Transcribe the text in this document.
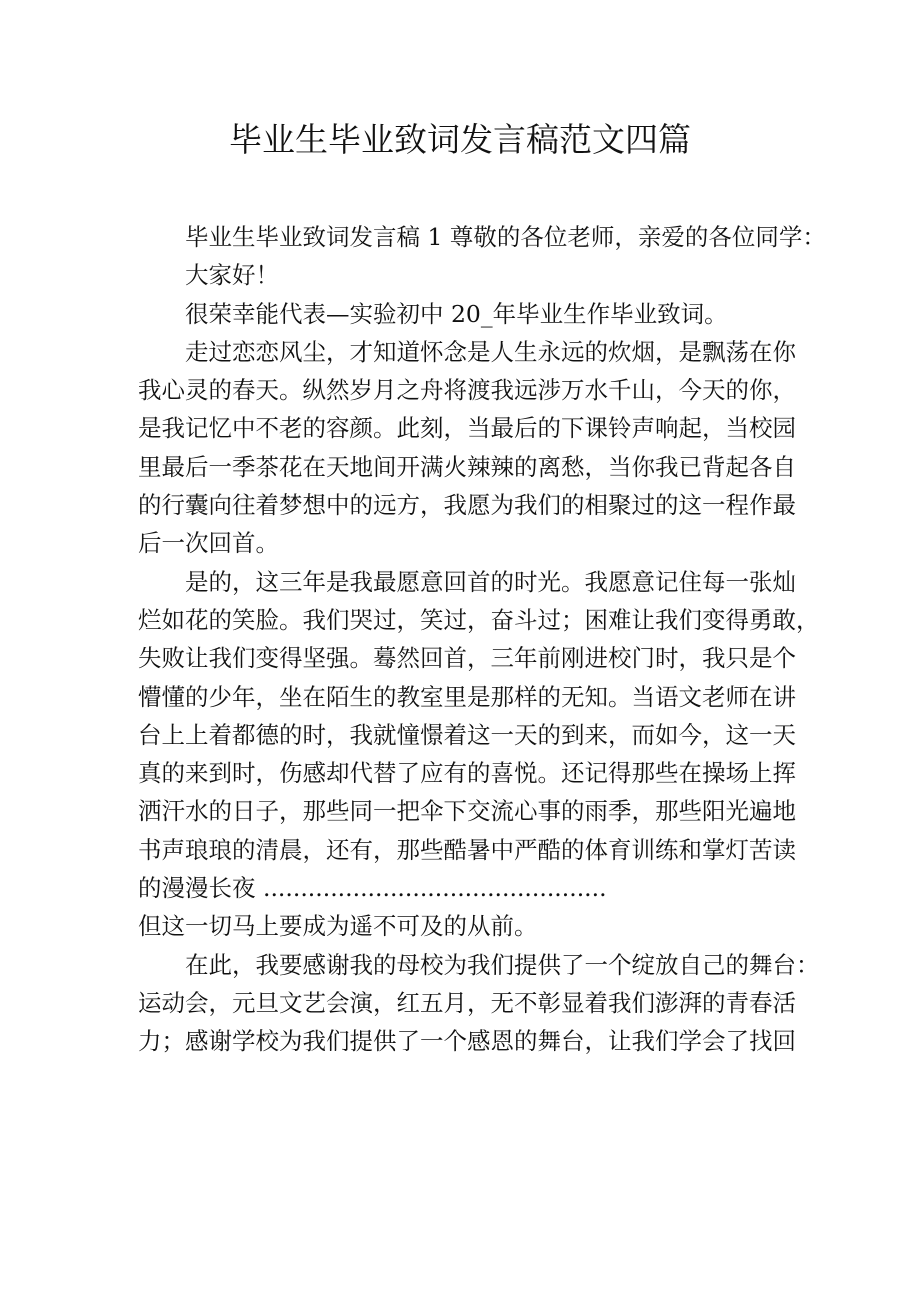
毕业生毕业致词发言稿范文四篇
毕业生毕业致词发言稿 1 尊敬的各位老师，亲爱的各位同学：
大家好！
很荣幸能代表—实验初中 20_年毕业生作毕业致词。
走过恋恋风尘，才知道怀念是人生永远的炊烟，是飘荡在你
我心灵的春天。纵然岁月之舟将渡我远涉万水千山，今天的你，
是我记忆中不老的容颜。此刻，当最后的下课铃声响起，当校园
里最后一季茶花在天地间开满火辣辣的离愁，当你我已背起各自
的行囊向往着梦想中的远方，我愿为我们的相聚过的这一程作最
后一次回首。
是的，这三年是我最愿意回首的时光。我愿意记住每一张灿
烂如花的笑脸。我们哭过，笑过，奋斗过；困难让我们变得勇敢，
失败让我们变得坚强。蓦然回首，三年前刚进校门时，我只是个
懵懂的少年，坐在陌生的教室里是那样的无知。当语文老师在讲
台上上着都德的时，我就憧憬着这一天的到来，而如今，这一天
真的来到时，伤感却代替了应有的喜悦。还记得那些在操场上挥
洒汗水的日子，那些同一把伞下交流心事的雨季，那些阳光遍地
书声琅琅的清晨，还有，那些酷暑中严酷的体育训练和掌灯苦读
的漫漫长夜 ..............................................
但这一切马上要成为遥不可及的从前。
在此，我要感谢我的母校为我们提供了一个绽放自己的舞台：
运动会，元旦文艺会演，红五月，无不彰显着我们澎湃的青春活
力；感谢学校为我们提供了一个感恩的舞台，让我们学会了找回
